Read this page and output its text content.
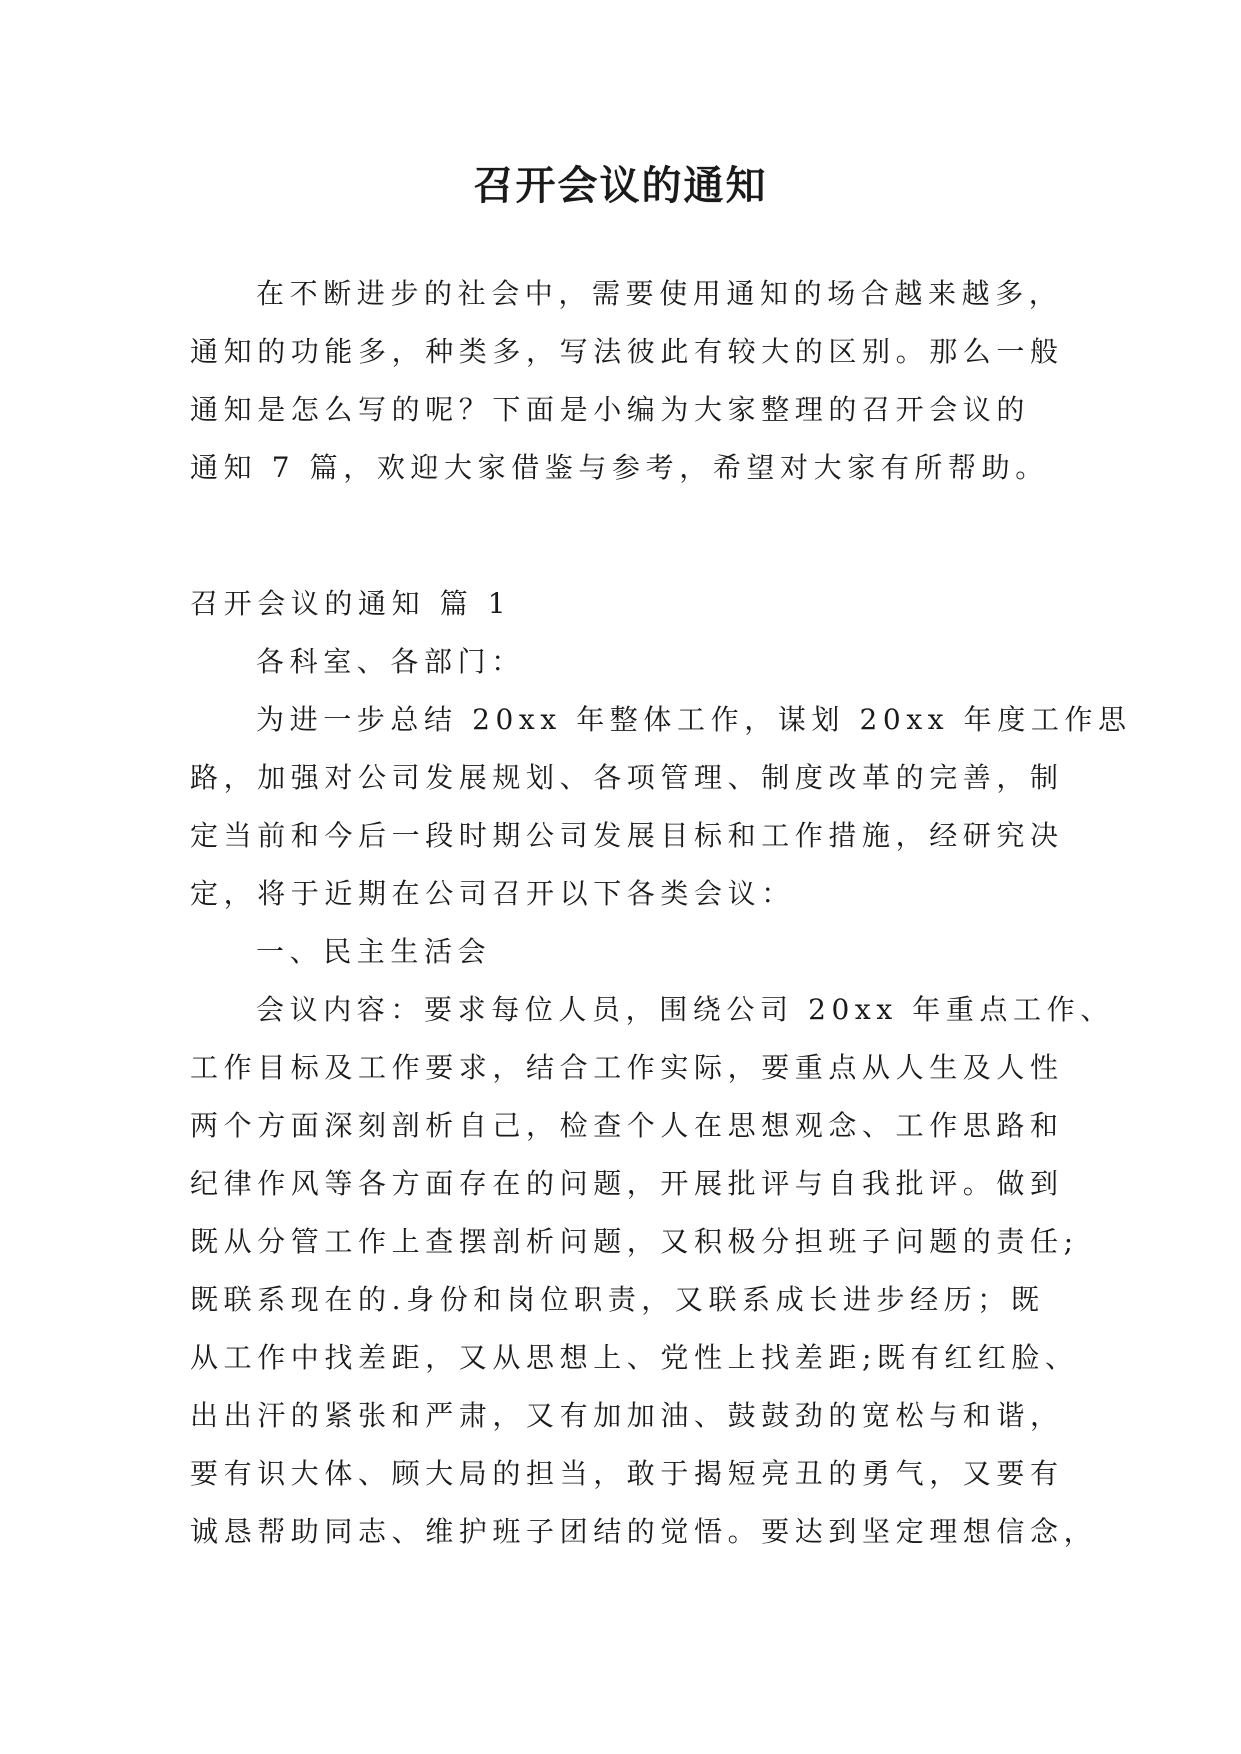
召开会议的通知
在不断进步的社会中，需要使用通知的场合越来越多，
通知的功能多，种类多，写法彼此有较大的区别。那么一般
通知是怎么写的呢？下面是小编为大家整理的召开会议的
通知 7 篇，欢迎大家借鉴与参考，希望对大家有所帮助。
召开会议的通知 篇 1
各科室、各部门：
为进一步总结 20xx 年整体工作，谋划 20xx 年度工作思
路，加强对公司发展规划、各项管理、制度改革的完善，制
定当前和今后一段时期公司发展目标和工作措施，经研究决
定，将于近期在公司召开以下各类会议：
一、民主生活会
会议内容：要求每位人员，围绕公司 20xx 年重点工作、
工作目标及工作要求，结合工作实际，要重点从人生及人性
两个方面深刻剖析自己，检查个人在思想观念、工作思路和
纪律作风等各方面存在的问题，开展批评与自我批评。做到
既从分管工作上查摆剖析问题，又积极分担班子问题的责任;
既联系现在的.身份和岗位职责，又联系成长进步经历；既
从工作中找差距，又从思想上、党性上找差距;既有红红脸、
出出汗的紧张和严肃，又有加加油、鼓鼓劲的宽松与和谐，
要有识大体、顾大局的担当，敢于揭短亮丑的勇气，又要有
诚恳帮助同志、维护班子团结的觉悟。要达到坚定理想信念，
